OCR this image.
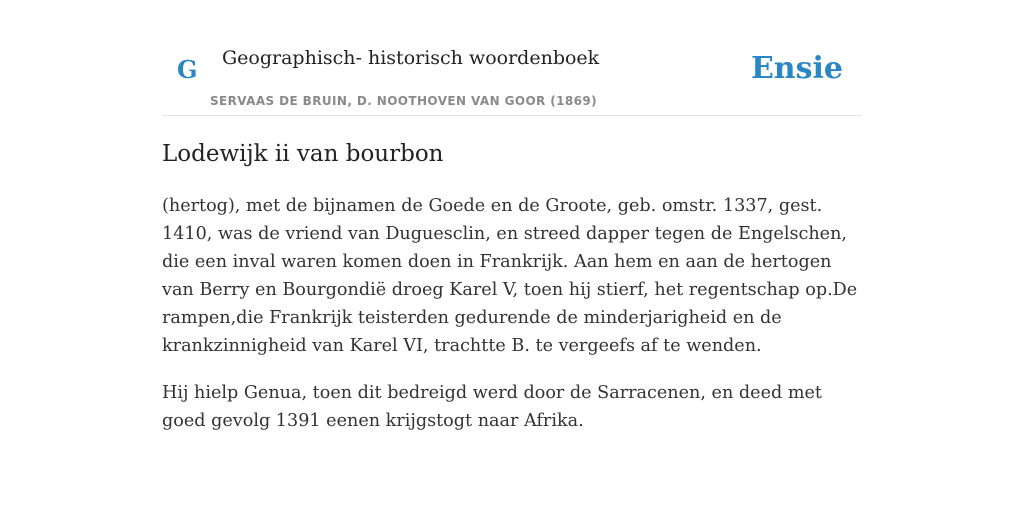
G Geographisch- historisch woordenboek
SERVAAS DE BRUIN, D. NOOTHOVEN VAN GOOR (1869)
Ensie
Lodewijk ii van bourbon

(hertog), met de bijnamen de Goede en de Groote, geb. omstr. 1337, gest. 1410, was de vriend van Duguesclin, en streed dapper tegen de Engelschen, die een inval waren komen doen in Frankrijk. Aan hem en aan de hertogen van Berry en Bourgondië droeg Karel V, toen hij stierf, het regentschap op.De rampen,die Frankrijk teisterden gedurende de minderjarigheid en de krankzinnigheid van Karel VI, trachtte B. te vergeefs af te wenden.

Hij hielp Genua, toen dit bedreigd werd door de Sarracenen, en deed met goed gevolg 1391 eenen krijgstogt naar Afrika.
